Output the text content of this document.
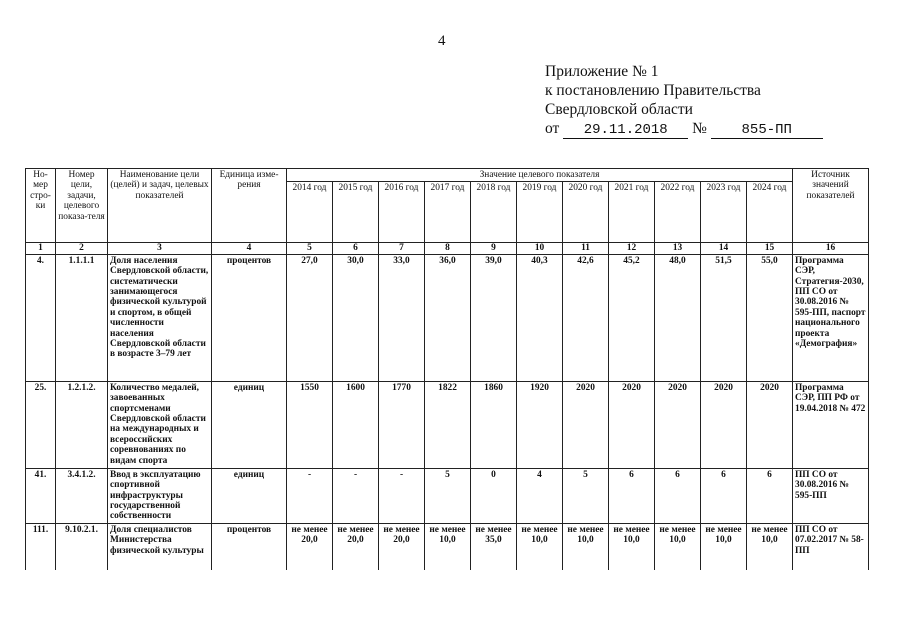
4
Приложение № 1
к постановлению Правительства
Свердловской области
от 29.11.2018 № 855-ПП
Но-мер стро-ки	Номер цели, задачи, целевого показа-теля	Наименование цели (целей) и задач, целевых показателей	Единица изме-рения	Значение целевого показателя											Источник значений показателей
				2014 год	2015 год	2016 год	2017 год	2018 год	2019 год	2020 год	2021 год	2022 год	2023 год	2024 год	
1	2	3	4	5	6	7	8	9	10	11	12	13	14	15	16
4.	1.1.1.1	Доля населения Свердловской области, систематически занимающегося физической культурой и спортом, в общей численности населения Свердловской области в возрасте 3–79 лет	процентов	27,0	30,0	33,0	36,0	39,0	40,3	42,6	45,2	48,0	51,5	55,0	Программа СЭР, Стратегия-2030, ПП СО от 30.08.2016 № 595-ПП, паспорт национального проекта «Демография»
25.	1.2.1.2.	Количество медалей, завоеванных спортсменами Свердловской области на международных и всероссийских соревнованиях по видам спорта	единиц	1550	1600	1770	1822	1860	1920	2020	2020	2020	2020	2020	Программа СЭР, ПП РФ от 19.04.2018 № 472
41.	3.4.1.2.	Ввод в эксплуатацию спортивной инфраструктуры государственной собственности	единиц	-	-	-	5	0	4	5	6	6	6	6	ПП СО от 30.08.2016 № 595-ПП
111.	9.10.2.1.	Доля специалистов Министерства физической культуры	процентов	не менее 20,0	не менее 20,0	не менее 20,0	не менее 10,0	не менее 35,0	не менее 10,0	не менее 10,0	не менее 10,0	не менее 10,0	не менее 10,0	не менее 10,0	ПП СО от 07.02.2017 № 58-ПП
